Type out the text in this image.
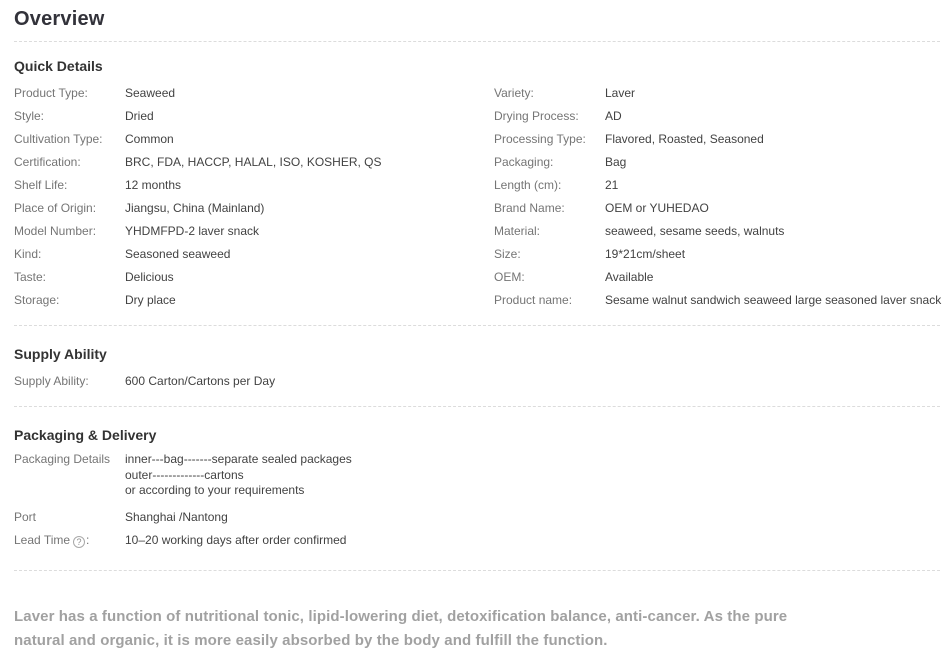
Overview
Quick Details
Product Type:	Seaweed
Style:	Dried
Cultivation Type:	Common
Certification:	BRC, FDA, HACCP, HALAL, ISO, KOSHER, QS
Shelf Life:	12 months
Place of Origin:	Jiangsu, China (Mainland)
Model Number:	YHDMFPD-2 laver snack
Kind:	Seasoned seaweed
Taste:	Delicious
Storage:	Dry place
Variety:	Laver
Drying Process:	AD
Processing Type:	Flavored, Roasted, Seasoned
Packaging:	Bag
Length (cm):	21
Brand Name:	OEM or YUHEDAO
Material:	seaweed, sesame seeds, walnuts
Size:	19*21cm/sheet
OEM:	Available
Product name:	Sesame walnut sandwich seaweed large seasoned laver snack
Supply Ability
Supply Ability:	600 Carton/Cartons per Day
Packaging & Delivery
Packaging Details	inner---bag-------separate sealed packages
outer-------------cartons
or according to your requirements
Port	Shanghai /Nantong
Lead Time ? :	10–20 working days after order confirmed
Laver has a function of nutritional tonic, lipid-lowering diet, detoxification balance, anti-cancer. As the pure
natural and organic, it is more easily absorbed by the body and fulfill the function.
